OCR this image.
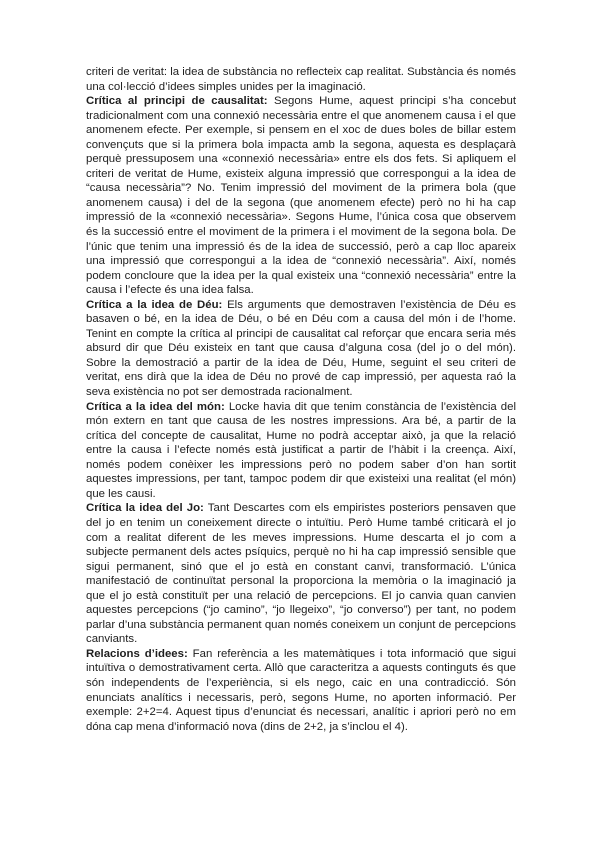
criteri de veritat: la idea de substància no reflecteix cap realitat. Substància és només una col·lecció d’idees simples unides per la imaginació.

Crítica al principi de causalitat: Segons Hume, aquest principi s’ha concebut tradicionalment com una connexió necessària entre el que anomenem causa i el que anomenem efecte. Per exemple, si pensem en el xoc de dues boles de billar estem convençuts que si la primera bola impacta amb la segona, aquesta es desplaçarà perquè pressuposem una «connexió necessària» entre els dos fets. Si apliquem el criteri de veritat de Hume, existeix alguna impressió que correspongui a la idea de “causa necessària”? No. Tenim impressió del moviment de la primera bola (que anomenem causa) i del de la segona (que anomenem efecte) però no hi ha cap impressió de la «connexió necessària». Segons Hume, l’única cosa que observem és la successió entre el moviment de la primera i el moviment de la segona bola. De l’únic que tenim una impressió és de la idea de successió, però a cap lloc apareix una impressió que correspongui a la idea de “connexió necessària”. Així, només podem concloure que la idea per la qual existeix una “connexió necessària” entre la causa i l’efecte és una idea falsa.

Crítica a la idea de Déu: Els arguments que demostraven l’existència de Déu es basaven o bé, en la idea de Déu, o bé en Déu com a causa del món i de l’home. Tenint en compte la crítica al principi de causalitat cal reforçar que encara seria més absurd dir que Déu existeix en tant que causa d’alguna cosa (del jo o del món). Sobre la demostració a partir de la idea de Déu, Hume, seguint el seu criteri de veritat, ens dirà que la idea de Déu no prové de cap impressió, per aquesta raó la seva existència no pot ser demostrada racionalment.

Crítica a la idea del món: Locke havia dit que tenim constància de l’existència del món extern en tant que causa de les nostres impressions. Ara bé, a partir de la crítica del concepte de causalitat, Hume no podrà acceptar això, ja que la relació entre la causa i l’efecte només està justificat a partir de l’hàbit i la creença. Així, només podem conèixer les impressions però no podem saber d’on han sortit aquestes impressions, per tant, tampoc podem dir que existeixi una realitat (el món) que les causi.

Crítica la idea del Jo: Tant Descartes com els empiristes posteriors pensaven que del jo en tenim un coneixement directe o intuïtiu. Però Hume també criticarà el jo com a realitat diferent de les meves impressions. Hume descarta el jo com a subjecte permanent dels actes psíquics, perquè no hi ha cap impressió sensible que sigui permanent, sinó que el jo està en constant canvi, transformació. L’única manifestació de continuïtat personal la proporciona la memòria o la imaginació ja que el jo està constituït per una relació de percepcions. El jo canvia quan canvien aquestes percepcions (“jo camino”, “jo llegeixo”, “jo converso”) per tant, no podem parlar d’una substància permanent quan només coneixem un conjunt de percepcions canviants.

Relacions d’idees: Fan referència a les matemàtiques i tota informació que sigui intuïtiva o demostrativament certa. Allò que caracteritza a aquests continguts és que són independents de l’experiència, si els nego, caic en una contradicció. Són enunciats analítics i necessaris, però, segons Hume, no aporten informació. Per exemple: 2+2=4. Aquest tipus d’enunciat és necessari, analític i apriori però no em dóna cap mena d’informació nova (dins de 2+2, ja s’inclou el 4).
